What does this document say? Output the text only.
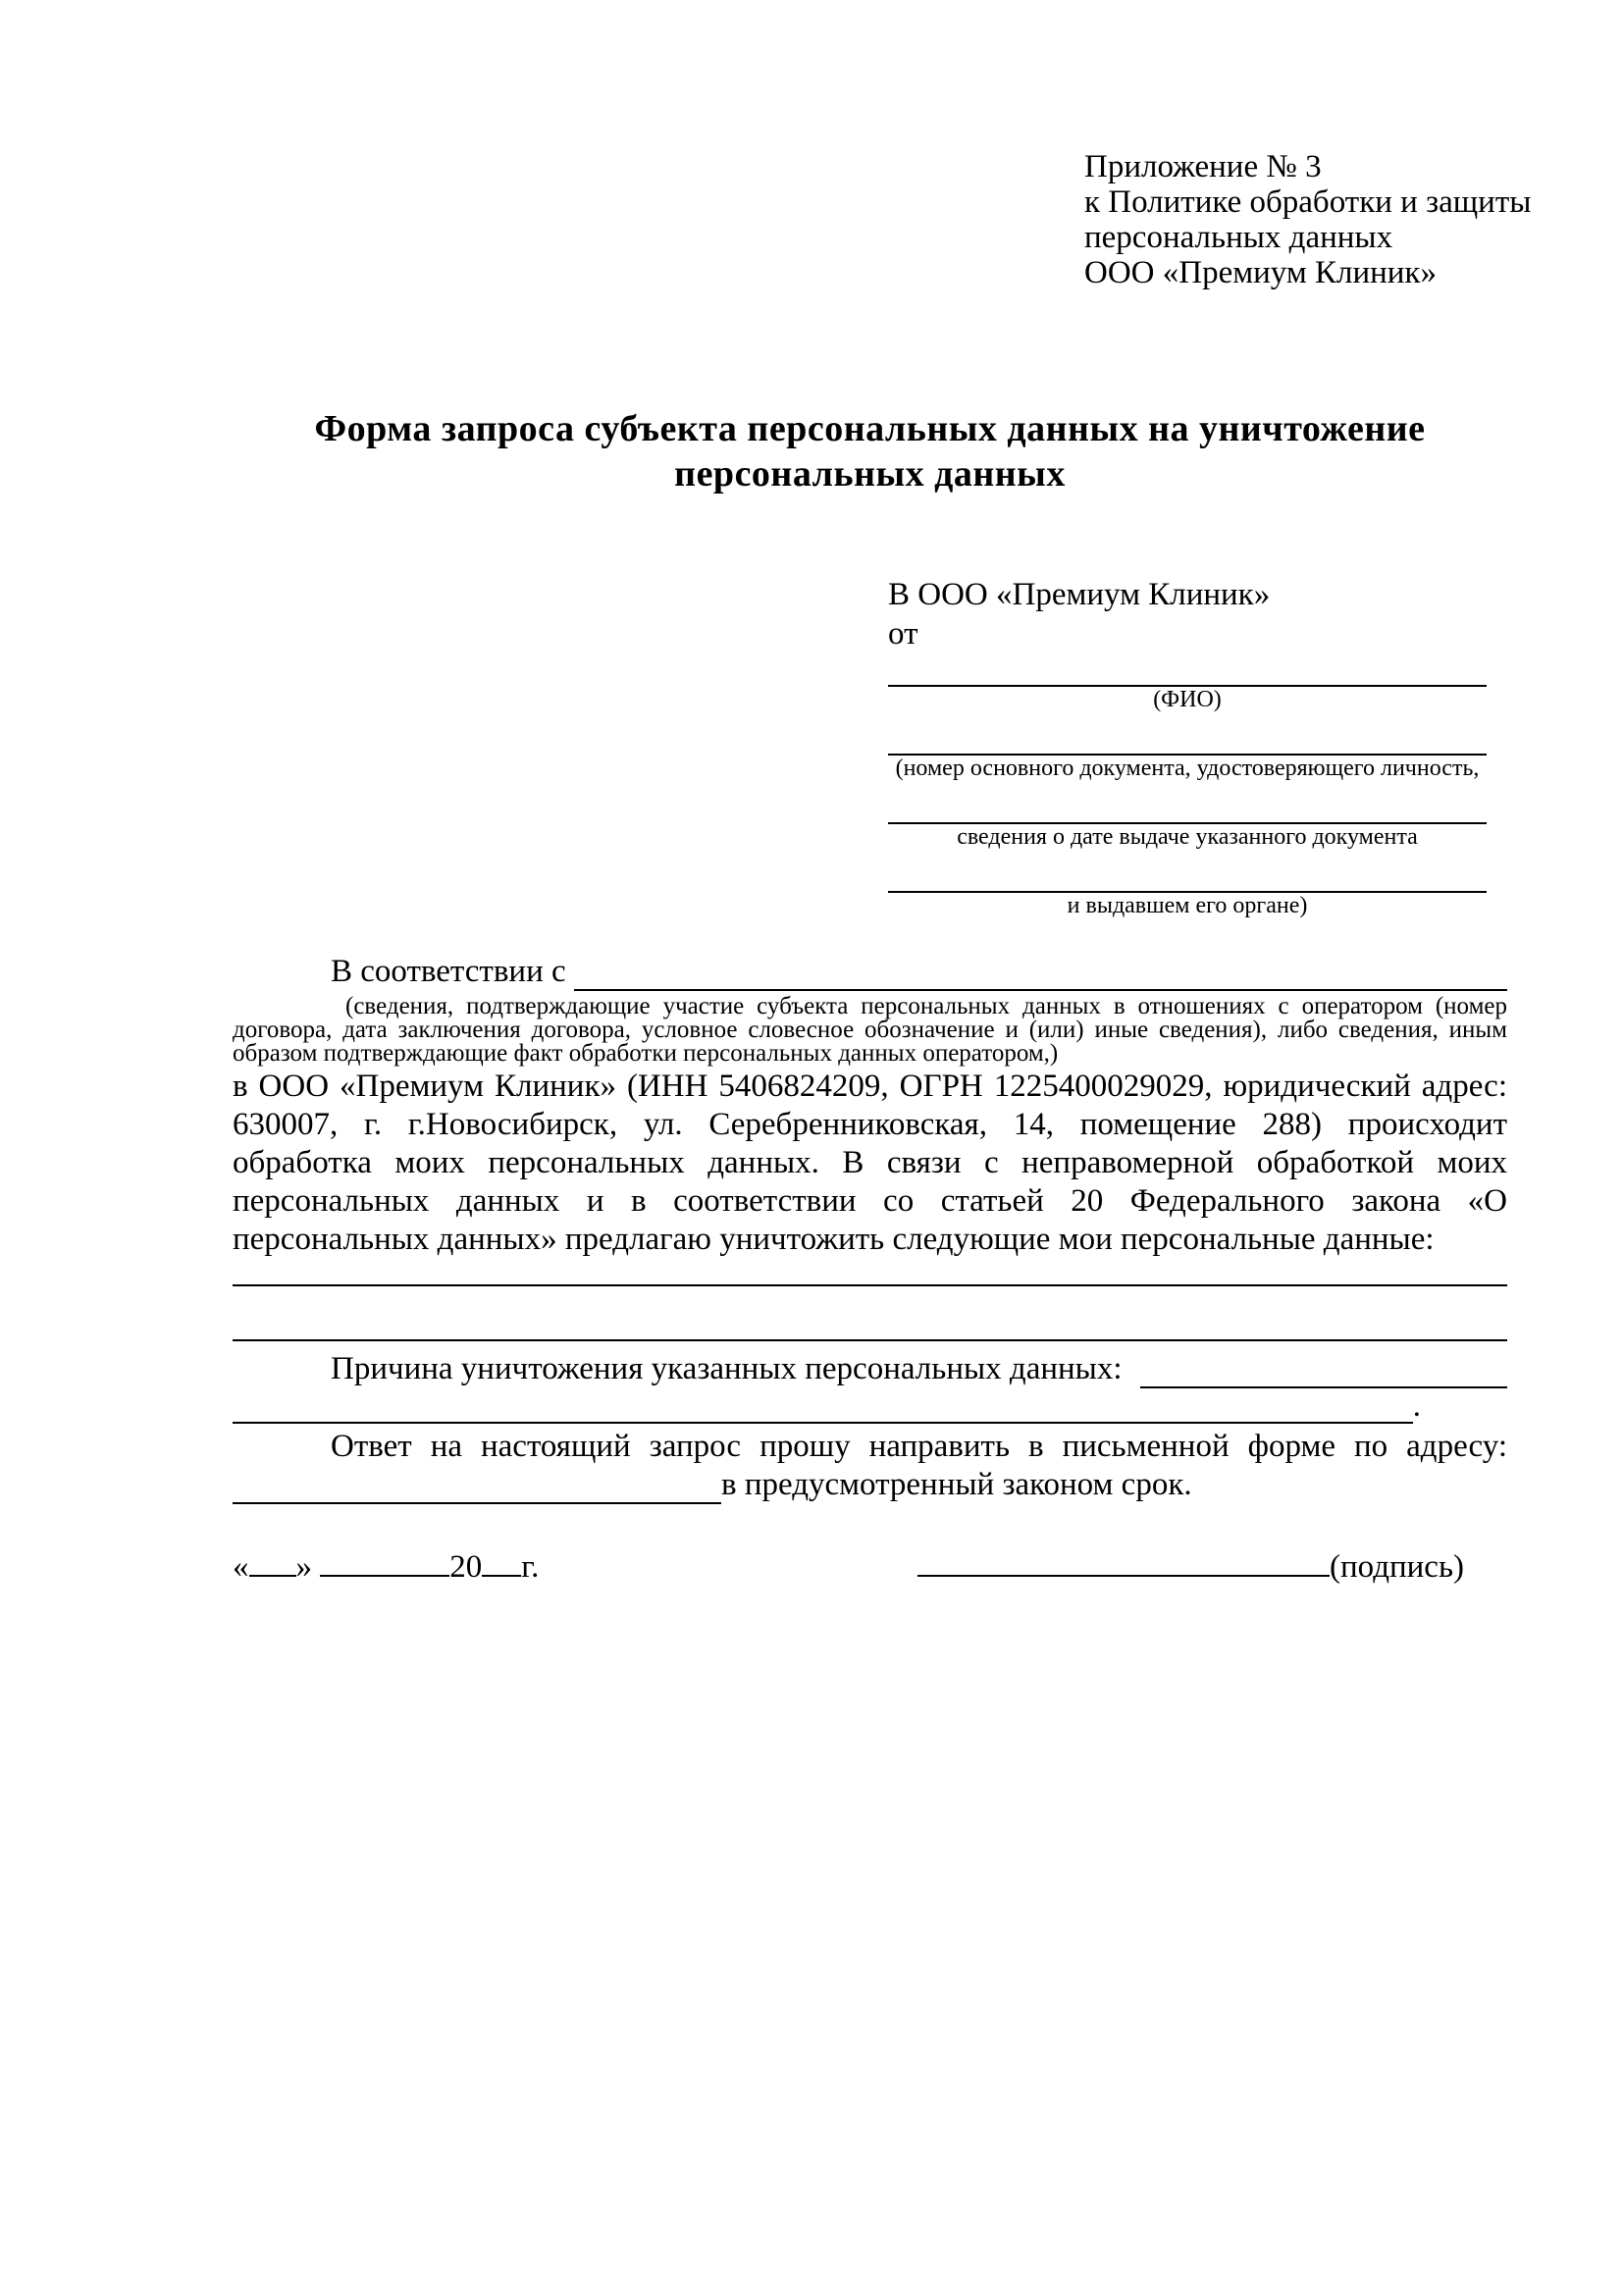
Приложение № 3
к Политике обработки и защиты
персональных данных
ООО «Премиум Клиник»
Форма запроса субъекта персональных данных на уничтожение персональных данных
В ООО «Премиум Клиник»
от
(ФИО)
(номер основного документа, удостоверяющего личность,
сведения о дате выдаче указанного документа
и выдавшем его органе)
В соответствии с

(сведения, подтверждающие участие субъекта персональных данных в отношениях с оператором (номер договора, дата заключения договора, условное словесное обозначение и (или) иные сведения), либо сведения, иным образом подтверждающие факт обработки персональных данных оператором,)

в ООО «Премиум Клиник» (ИНН 5406824209, ОГРН 1225400029029, юридический адрес: 630007, г. г.Новосибирск, ул. Серебренниковская, 14, помещение 288) происходит обработка моих персональных данных. В связи с неправомерной обработкой моих персональных данных и в соответствии со статьей 20 Федерального закона «О персональных данных» предлагаю уничтожить следующие мои персональные данные:

Причина уничтожения указанных персональных данных:
.

Ответ на настоящий запрос прошу направить в письменной форме по адресу:

в предусмотренный законом срок.
« »	20 г.	(подпись)
